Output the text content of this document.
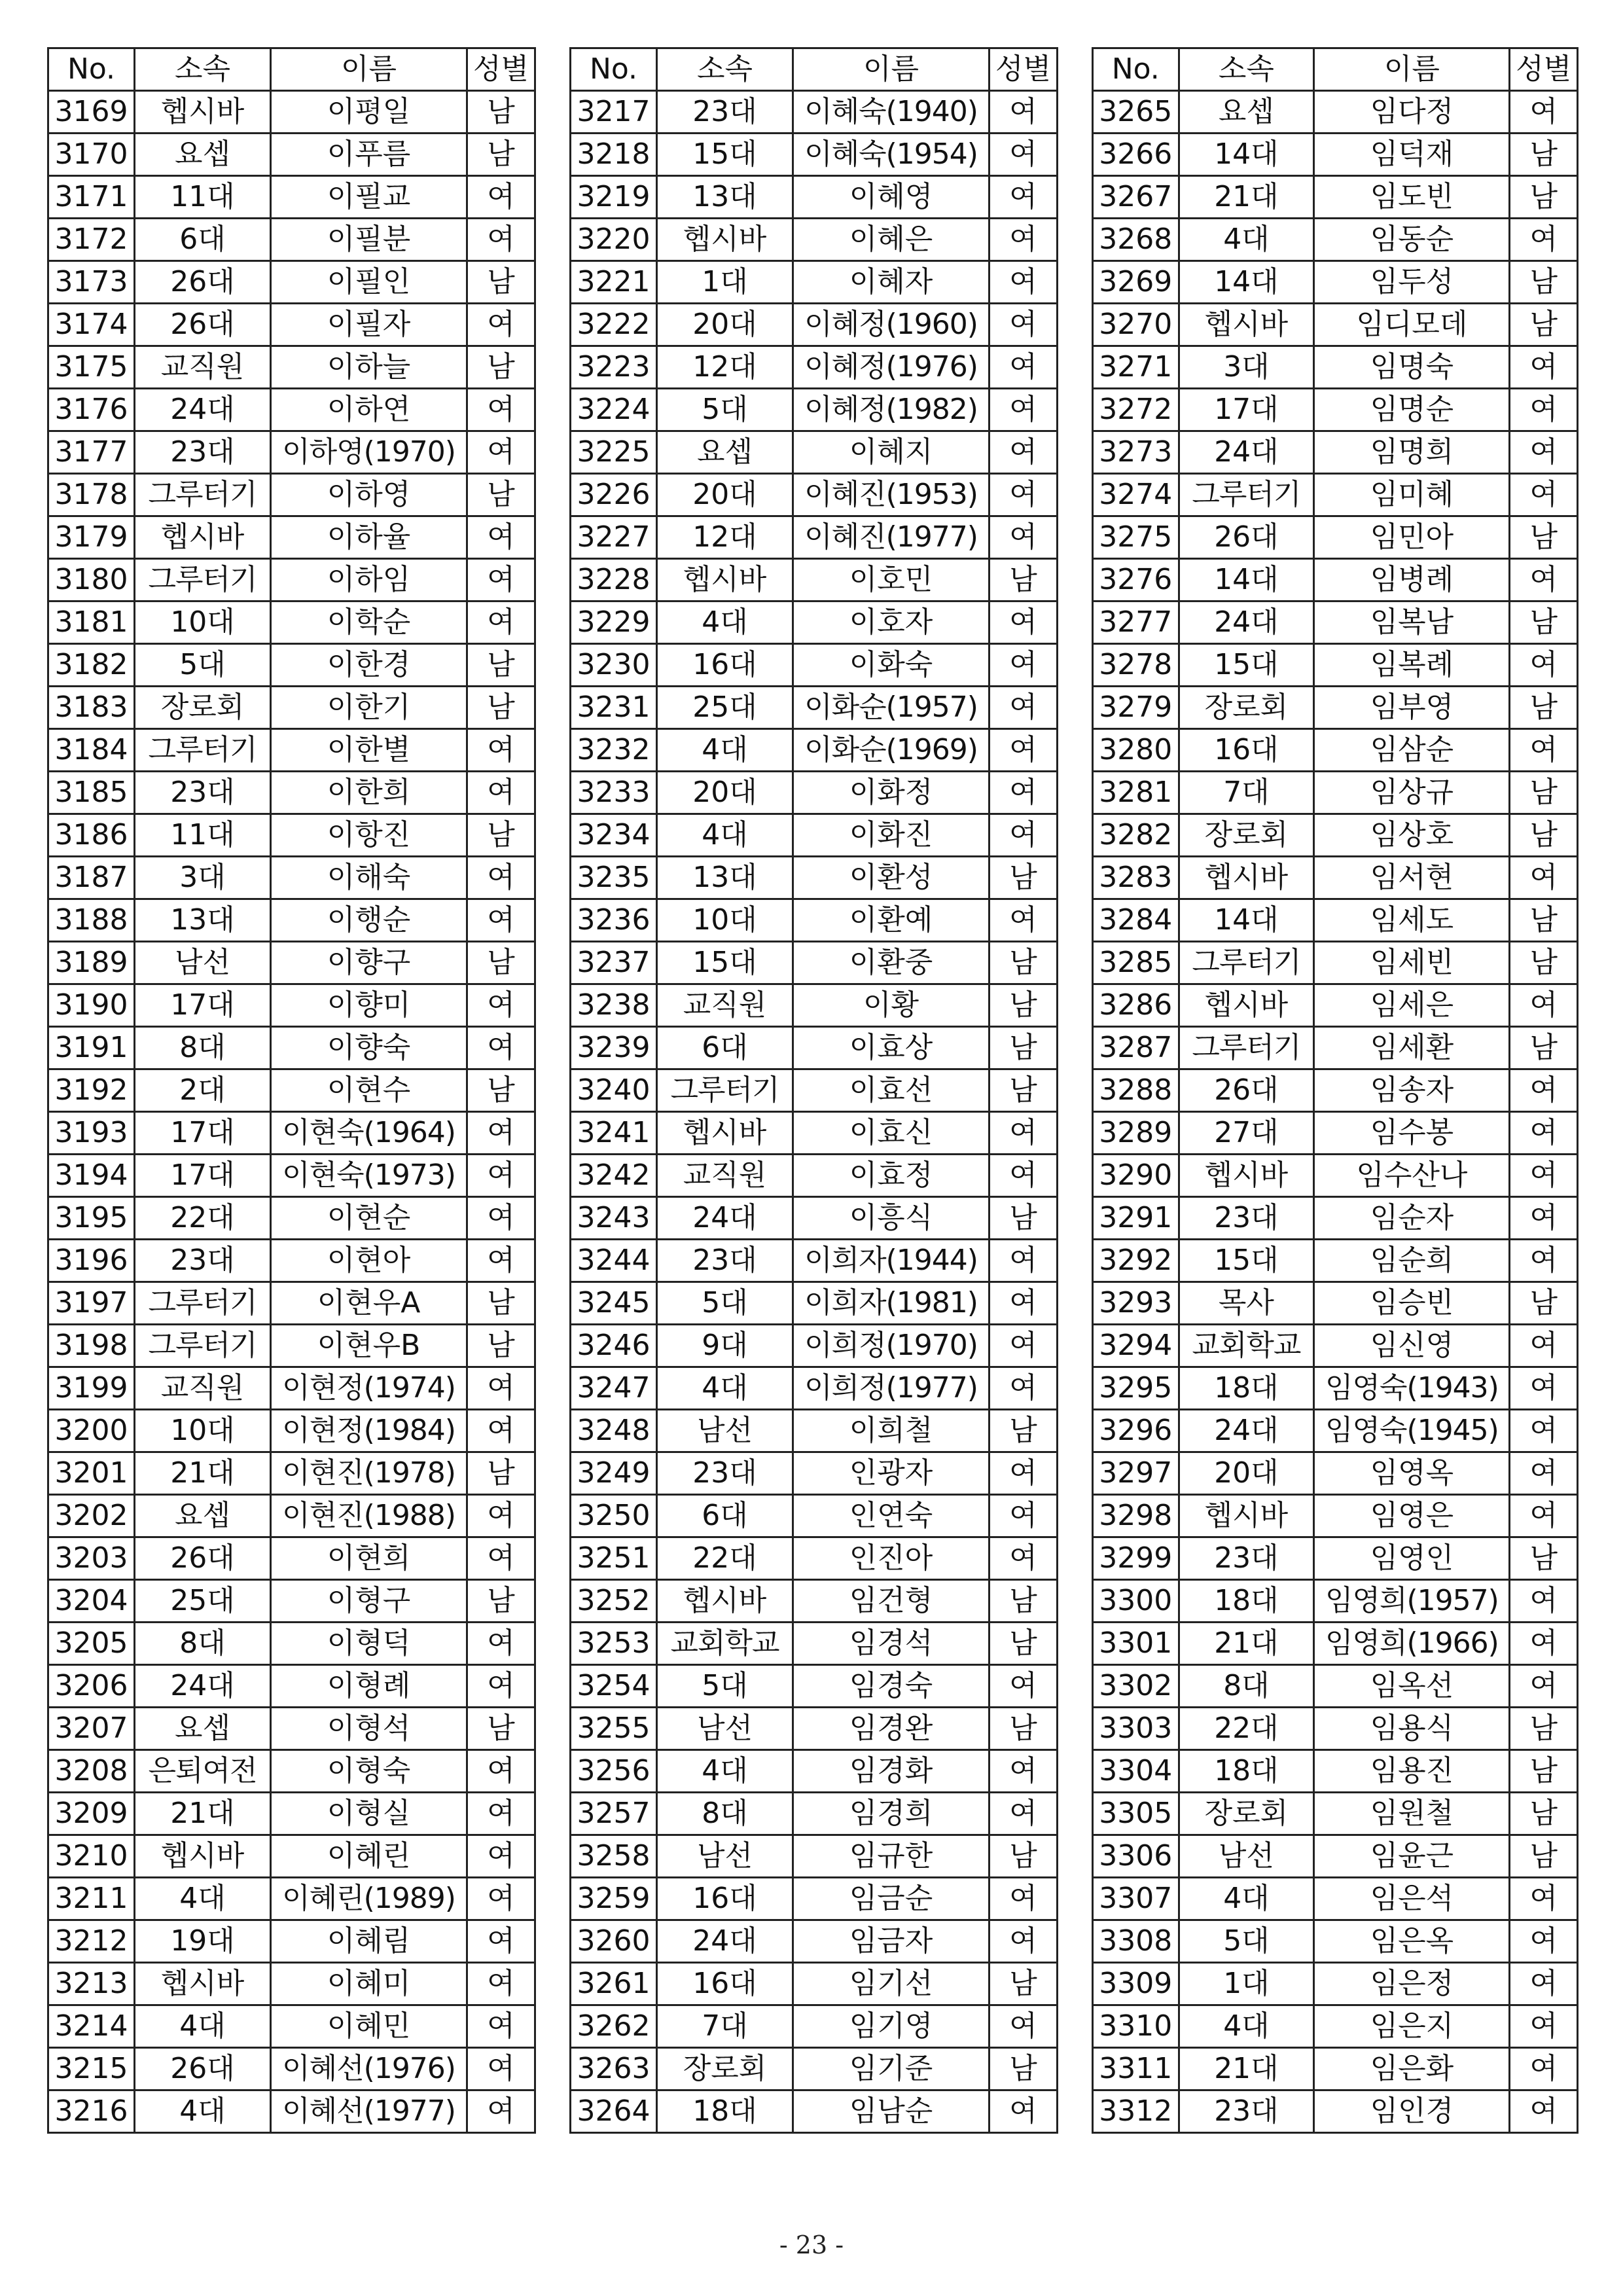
No.	소속	이름	성별
3169	헵시바	이평일	남
3170	요셉	이푸름	남
3171	11대	이필교	여
3172	6대	이필분	여
3173	26대	이필인	남
3174	26대	이필자	여
3175	교직원	이하늘	남
3176	24대	이하연	여
3177	23대	이하영(1970)	여
3178	그루터기	이하영	남
3179	헵시바	이하율	여
3180	그루터기	이하임	여
3181	10대	이학순	여
3182	5대	이한경	남
3183	장로회	이한기	남
3184	그루터기	이한별	여
3185	23대	이한희	여
3186	11대	이항진	남
3187	3대	이해숙	여
3188	13대	이행순	여
3189	남선	이향구	남
3190	17대	이향미	여
3191	8대	이향숙	여
3192	2대	이현수	남
3193	17대	이현숙(1964)	여
3194	17대	이현숙(1973)	여
3195	22대	이현순	여
3196	23대	이현아	여
3197	그루터기	이현우A	남
3198	그루터기	이현우B	남
3199	교직원	이현정(1974)	여
3200	10대	이현정(1984)	여
3201	21대	이현진(1978)	남
3202	요셉	이현진(1988)	여
3203	26대	이현희	여
3204	25대	이형구	남
3205	8대	이형덕	여
3206	24대	이형례	여
3207	요셉	이형석	남
3208	은퇴여전	이형숙	여
3209	21대	이형실	여
3210	헵시바	이혜린	여
3211	4대	이혜린(1989)	여
3212	19대	이혜림	여
3213	헵시바	이혜미	여
3214	4대	이혜민	여
3215	26대	이혜선(1976)	여
3216	4대	이혜선(1977)	여
No.	소속	이름	성별
3217	23대	이혜숙(1940)	여
3218	15대	이혜숙(1954)	여
3219	13대	이혜영	여
3220	헵시바	이혜은	여
3221	1대	이혜자	여
3222	20대	이혜정(1960)	여
3223	12대	이혜정(1976)	여
3224	5대	이혜정(1982)	여
3225	요셉	이혜지	여
3226	20대	이혜진(1953)	여
3227	12대	이혜진(1977)	여
3228	헵시바	이호민	남
3229	4대	이호자	여
3230	16대	이화숙	여
3231	25대	이화순(1957)	여
3232	4대	이화순(1969)	여
3233	20대	이화정	여
3234	4대	이화진	여
3235	13대	이환성	남
3236	10대	이환예	여
3237	15대	이환중	남
3238	교직원	이황	남
3239	6대	이효상	남
3240	그루터기	이효선	남
3241	헵시바	이효신	여
3242	교직원	이효정	여
3243	24대	이흥식	남
3244	23대	이희자(1944)	여
3245	5대	이희자(1981)	여
3246	9대	이희정(1970)	여
3247	4대	이희정(1977)	여
3248	남선	이희철	남
3249	23대	인광자	여
3250	6대	인연숙	여
3251	22대	인진아	여
3252	헵시바	임건형	남
3253	교회학교	임경석	남
3254	5대	임경숙	여
3255	남선	임경완	남
3256	4대	임경화	여
3257	8대	임경희	여
3258	남선	임규한	남
3259	16대	임금순	여
3260	24대	임금자	여
3261	16대	임기선	남
3262	7대	임기영	여
3263	장로회	임기준	남
3264	18대	임남순	여
No.	소속	이름	성별
3265	요셉	임다정	여
3266	14대	임덕재	남
3267	21대	임도빈	남
3268	4대	임동순	여
3269	14대	임두성	남
3270	헵시바	임디모데	남
3271	3대	임명숙	여
3272	17대	임명순	여
3273	24대	임명희	여
3274	그루터기	임미혜	여
3275	26대	임민아	남
3276	14대	임병례	여
3277	24대	임복남	남
3278	15대	임복례	여
3279	장로회	임부영	남
3280	16대	임삼순	여
3281	7대	임상규	남
3282	장로회	임상호	남
3283	헵시바	임서현	여
3284	14대	임세도	남
3285	그루터기	임세빈	남
3286	헵시바	임세은	여
3287	그루터기	임세환	남
3288	26대	임송자	여
3289	27대	임수봉	여
3290	헵시바	임수산나	여
3291	23대	임순자	여
3292	15대	임순희	여
3293	목사	임승빈	남
3294	교회학교	임신영	여
3295	18대	임영숙(1943)	여
3296	24대	임영숙(1945)	여
3297	20대	임영옥	여
3298	헵시바	임영은	여
3299	23대	임영인	남
3300	18대	임영희(1957)	여
3301	21대	임영희(1966)	여
3302	8대	임옥선	여
3303	22대	임용식	남
3304	18대	임용진	남
3305	장로회	임원철	남
3306	남선	임윤근	남
3307	4대	임은석	여
3308	5대	임은옥	여
3309	1대	임은정	여
3310	4대	임은지	여
3311	21대	임은화	여
3312	23대	임인경	여
- 23 -
